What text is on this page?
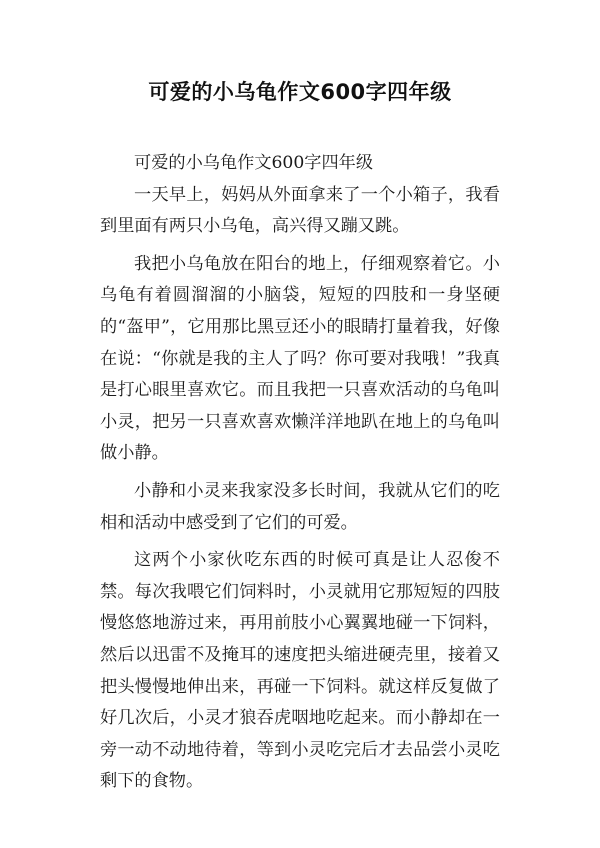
可爱的小乌龟作文600字四年级

可爱的小乌龟作文600字四年级

一天早上，妈妈从外面拿来了一个小箱子，我看到里面有两只小乌龟，高兴得又蹦又跳。

我把小乌龟放在阳台的地上，仔细观察着它。小乌龟有着圆溜溜的小脑袋，短短的四肢和一身坚硬的“盔甲”，它用那比黑豆还小的眼睛打量着我，好像在说：“你就是我的主人了吗？你可要对我哦！”我真是打心眼里喜欢它。而且我把一只喜欢活动的乌龟叫小灵，把另一只喜欢喜欢懒洋洋地趴在地上的乌龟叫做小静。

小静和小灵来我家没多长时间，我就从它们的吃相和活动中感受到了它们的可爱。

这两个小家伙吃东西的时候可真是让人忍俊不禁。每次我喂它们饲料时，小灵就用它那短短的四肢慢悠悠地游过来，再用前肢小心翼翼地碰一下饲料，然后以迅雷不及掩耳的速度把头缩进硬壳里，接着又把头慢慢地伸出来，再碰一下饲料。就这样反复做了好几次后，小灵才狼吞虎咽地吃起来。而小静却在一旁一动不动地待着，等到小灵吃完后才去品尝小灵吃剩下的食物。
